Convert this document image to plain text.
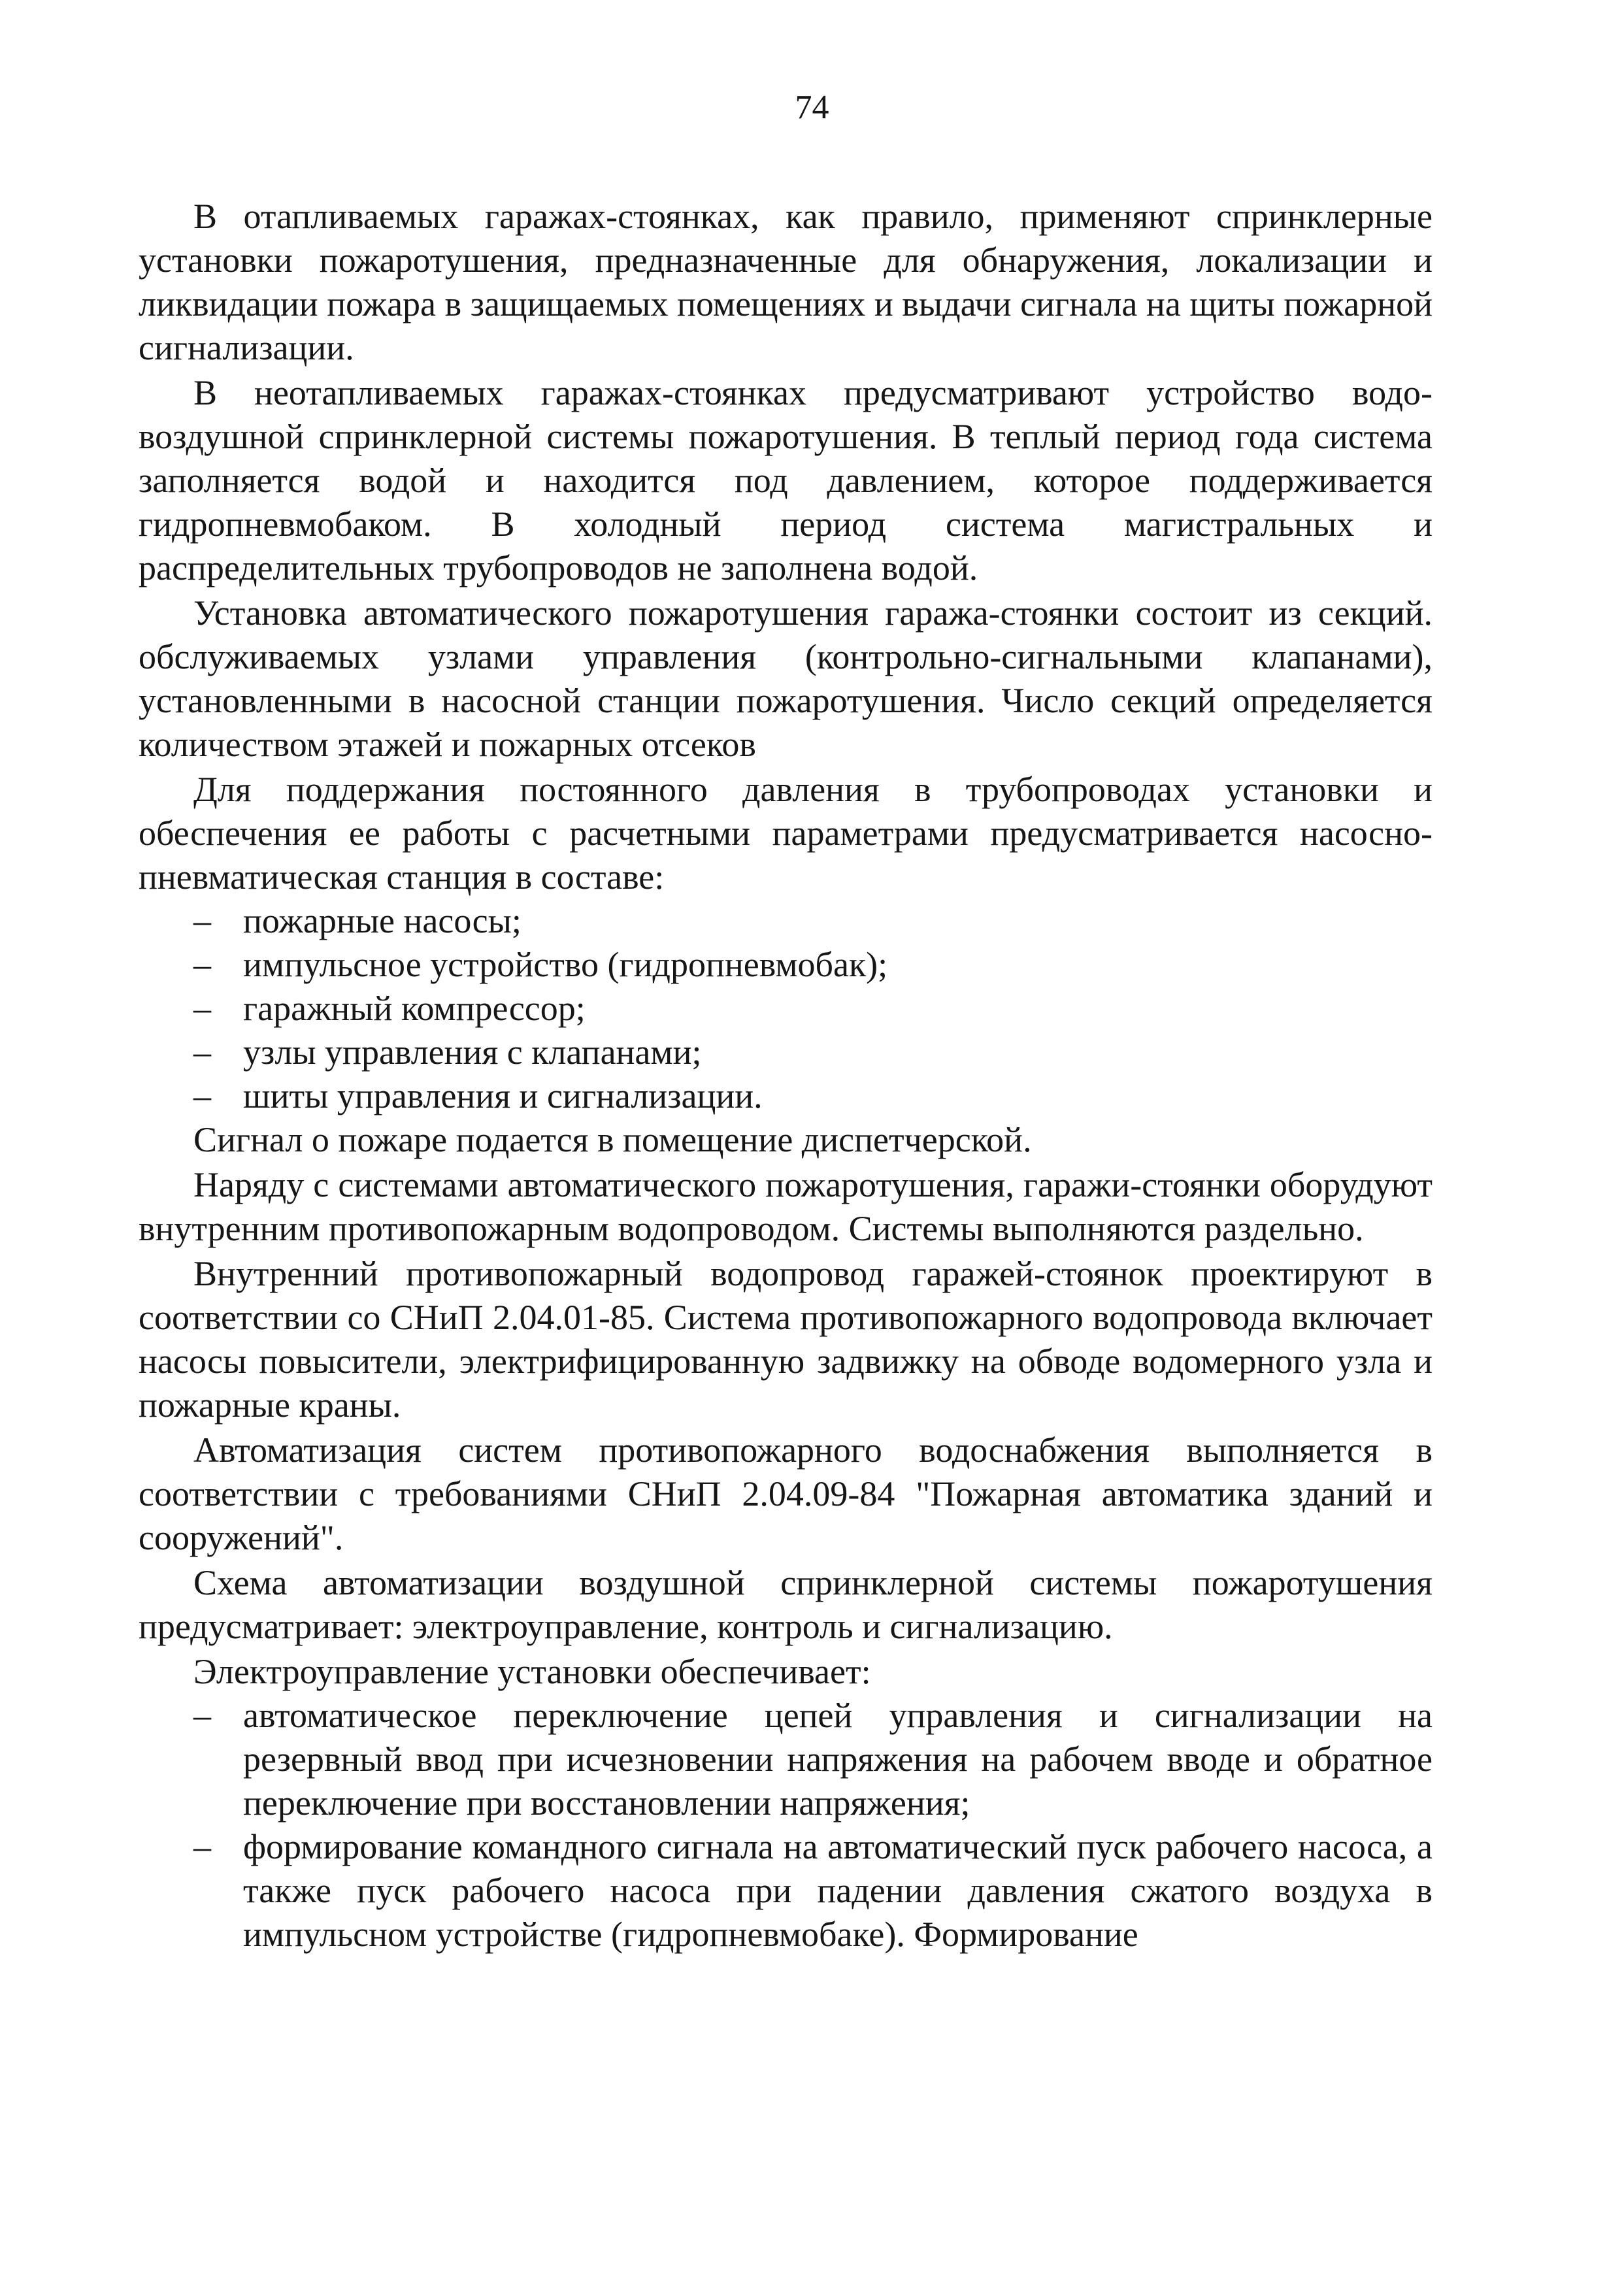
74

В отапливаемых гаражах-стоянках, как правило, применяют спринклерные установки пожаротушения, предназначенные для обнаружения, локализации и ликвидации пожара в защищаемых помещениях и выдачи сигнала на щиты пожарной сигнализации.

В неотапливаемых гаражах-стоянках предусматривают устройство водо-воздушной спринклерной системы пожаротушения. В теплый период года система заполняется водой и находится под давлением, которое поддерживается гидропневмобаком. В холодный период система магистральных и распределительных трубопроводов не заполнена водой.

Установка автоматического пожаротушения гаража-стоянки состоит из секций. обслуживаемых узлами управления (контрольно-сигнальными клапанами), установленными в насосной станции пожаротушения. Число секций определяется количеством этажей и пожарных отсеков

Для поддержания постоянного давления в трубопроводах установки и обеспечения ее работы с расчетными параметрами предусматривается насосно-пневматическая станция в составе:

– пожарные насосы;
– импульсное устройство (гидропневмобак);
– гаражный компрессор;
– узлы управления с клапанами;
– шиты управления и сигнализации.

Сигнал о пожаре подается в помещение диспетчерской.

Наряду с системами автоматического пожаротушения, гаражи-стоянки оборудуют внутренним противопожарным водопроводом. Системы выполняются раздельно.

Внутренний противопожарный водопровод гаражей-стоянок проектируют в соответствии со СНиП 2.04.01-85. Система противопожарного водопровода включает насосы повысители, электрифицированную задвижку на обводе водомерного узла и пожарные краны.

Автоматизация систем противопожарного водоснабжения выполняется в соответствии с требованиями СНиП 2.04.09-84 "Пожарная автоматика зданий и сооружений".

Схема автоматизации воздушной спринклерной системы пожаротушения предусматривает: электроуправление, контроль и сигнализацию.

Электроуправление установки обеспечивает:

– автоматическое переключение цепей управления и сигнализации на резервный ввод при исчезновении напряжения на рабочем вводе и обратное переключение при восстановлении напряжения;
– формирование командного сигнала на автоматический пуск рабочего насоса, а также пуск рабочего насоса при падении давления сжатого воздуха в импульсном устройстве (гидропневмобаке). Формирование
